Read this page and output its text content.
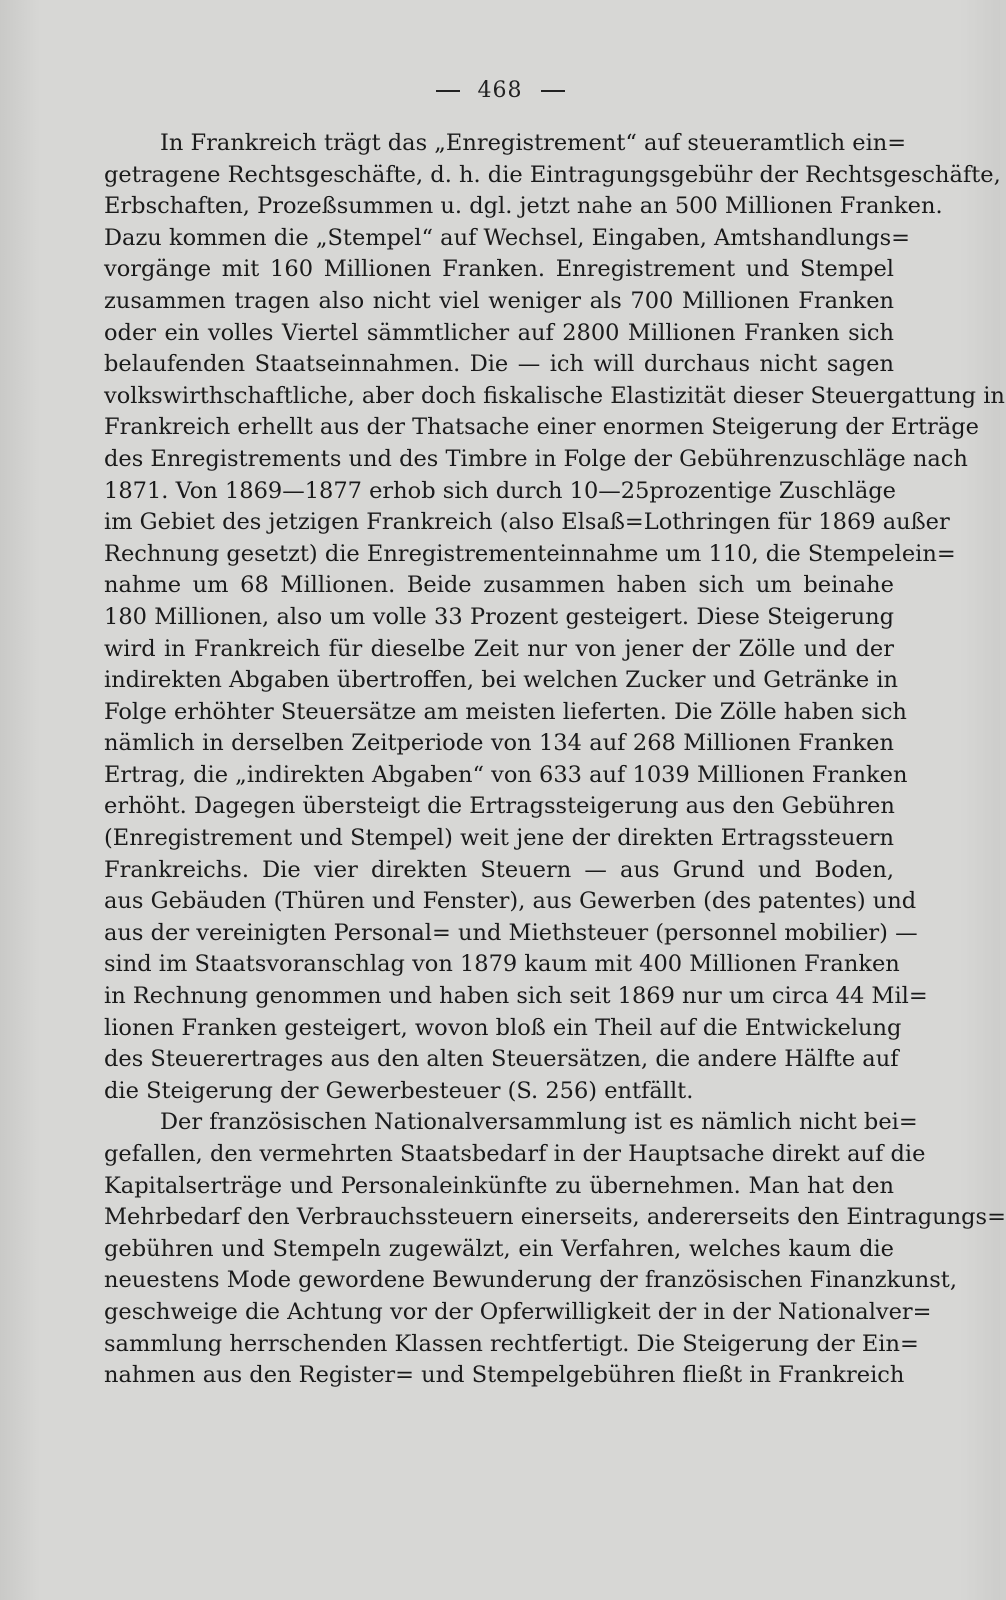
468
In Frankreich trägt das „Enregistrement“ auf steueramtlich ein=
getragene Rechtsgeschäfte, d. h. die Eintragungsgebühr der Rechtsgeschäfte,
Erbschaften, Prozeßsummen u. dgl. jetzt nahe an 500 Millionen Franken.
Dazu kommen die „Stempel“ auf Wechsel, Eingaben, Amtshandlungs=
vorgänge mit 160 Millionen Franken. Enregistrement und Stempel
zusammen tragen also nicht viel weniger als 700 Millionen Franken
oder ein volles Viertel sämmtlicher auf 2800 Millionen Franken sich
belaufenden Staatseinnahmen. Die — ich will durchaus nicht sagen
volkswirthschaftliche, aber doch fiskalische Elastizität dieser Steuergattung in
Frankreich erhellt aus der Thatsache einer enormen Steigerung der Erträge
des Enregistrements und des Timbre in Folge der Gebührenzuschläge nach
1871. Von 1869—1877 erhob sich durch 10—25prozentige Zuschläge
im Gebiet des jetzigen Frankreich (also Elsaß=Lothringen für 1869 außer
Rechnung gesetzt) die Enregistrementeinnahme um 110, die Stempelein=
nahme um 68 Millionen. Beide zusammen haben sich um beinahe
180 Millionen, also um volle 33 Prozent gesteigert. Diese Steigerung
wird in Frankreich für dieselbe Zeit nur von jener der Zölle und der
indirekten Abgaben übertroffen, bei welchen Zucker und Getränke in
Folge erhöhter Steuersätze am meisten lieferten. Die Zölle haben sich
nämlich in derselben Zeitperiode von 134 auf 268 Millionen Franken
Ertrag, die „indirekten Abgaben“ von 633 auf 1039 Millionen Franken
erhöht. Dagegen übersteigt die Ertragssteigerung aus den Gebühren
(Enregistrement und Stempel) weit jene der direkten Ertragssteuern
Frankreichs. Die vier direkten Steuern — aus Grund und Boden,
aus Gebäuden (Thüren und Fenster), aus Gewerben (des patentes) und
aus der vereinigten Personal= und Miethsteuer (personnel mobilier) —
sind im Staatsvoranschlag von 1879 kaum mit 400 Millionen Franken
in Rechnung genommen und haben sich seit 1869 nur um circa 44 Mil=
lionen Franken gesteigert, wovon bloß ein Theil auf die Entwickelung
des Steuerertrages aus den alten Steuersätzen, die andere Hälfte auf
die Steigerung der Gewerbesteuer (S. 256) entfällt.
Der französischen Nationalversammlung ist es nämlich nicht bei=
gefallen, den vermehrten Staatsbedarf in der Hauptsache direkt auf die
Kapitalserträge und Personaleinkünfte zu übernehmen. Man hat den
Mehrbedarf den Verbrauchssteuern einerseits, andererseits den Eintragungs=
gebühren und Stempeln zugewälzt, ein Verfahren, welches kaum die
neuestens Mode gewordene Bewunderung der französischen Finanzkunst,
geschweige die Achtung vor der Opferwilligkeit der in der Nationalver=
sammlung herrschenden Klassen rechtfertigt. Die Steigerung der Ein=
nahmen aus den Register= und Stempelgebühren fließt in Frankreich
